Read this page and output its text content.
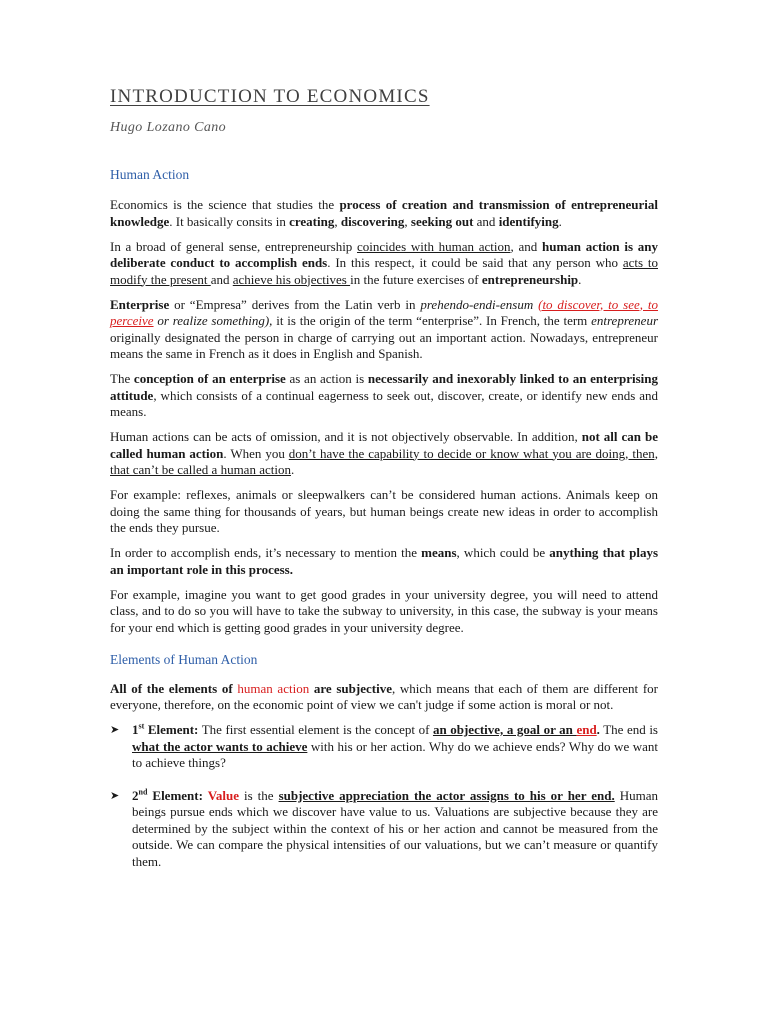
INTRODUCTION TO ECONOMICS
Hugo Lozano Cano
Human Action

Economics is the science that studies the process of creation and transmission of entrepreneurial knowledge. It basically consits in creating, discovering, seeking out and identifying.

In a broad of general sense, entrepreneurship coincides with human action, and human action is any deliberate conduct to accomplish ends. In this respect, it could be said that any person who acts to modify the present and achieve his objectives in the future exercises of entrepreneurship.

Enterprise or “Empresa” derives from the Latin verb in prehendo-endi-ensum (to discover, to see, to perceive or realize something), it is the origin of the term “enterprise”. In French, the term entrepreneur originally designated the person in charge of carrying out an important action. Nowadays, entrepreneur means the same in French as it does in English and Spanish.

The conception of an enterprise as an action is necessarily and inexorably linked to an enterprising attitude, which consists of a continual eagerness to seek out, discover, create, or identify new ends and means.

Human actions can be acts of omission, and it is not objectively observable. In addition, not all can be called human action. When you don’t have the capability to decide or know what you are doing, then, that can’t be called a human action.

For example: reflexes, animals or sleepwalkers can’t be considered human actions. Animals keep on doing the same thing for thousands of years, but human beings create new ideas in order to accomplish the ends they pursue.

In order to accomplish ends, it’s necessary to mention the means, which could be anything that plays an important role in this process.

For example, imagine you want to get good grades in your university degree, you will need to attend class, and to do so you will have to take the subway to university, in this case, the subway is your means for your end which is getting good grades in your university degree.

Elements of Human Action

All of the elements of human action are subjective, which means that each of them are different for everyone, therefore, on the economic point of view we can't judge if some action is moral or not.

➤ 1st Element: The first essential element is the concept of an objective, a goal or an end. The end is what the actor wants to achieve with his or her action. Why do we achieve ends? Why do we want to achieve things?
➤ 2nd Element: Value is the subjective appreciation the actor assigns to his or her end. Human beings pursue ends which we discover have value to us. Valuations are subjective because they are determined by the subject within the context of his or her action and cannot be measured from the outside. We can compare the physical intensities of our valuations, but we can’t measure or quantify them.
